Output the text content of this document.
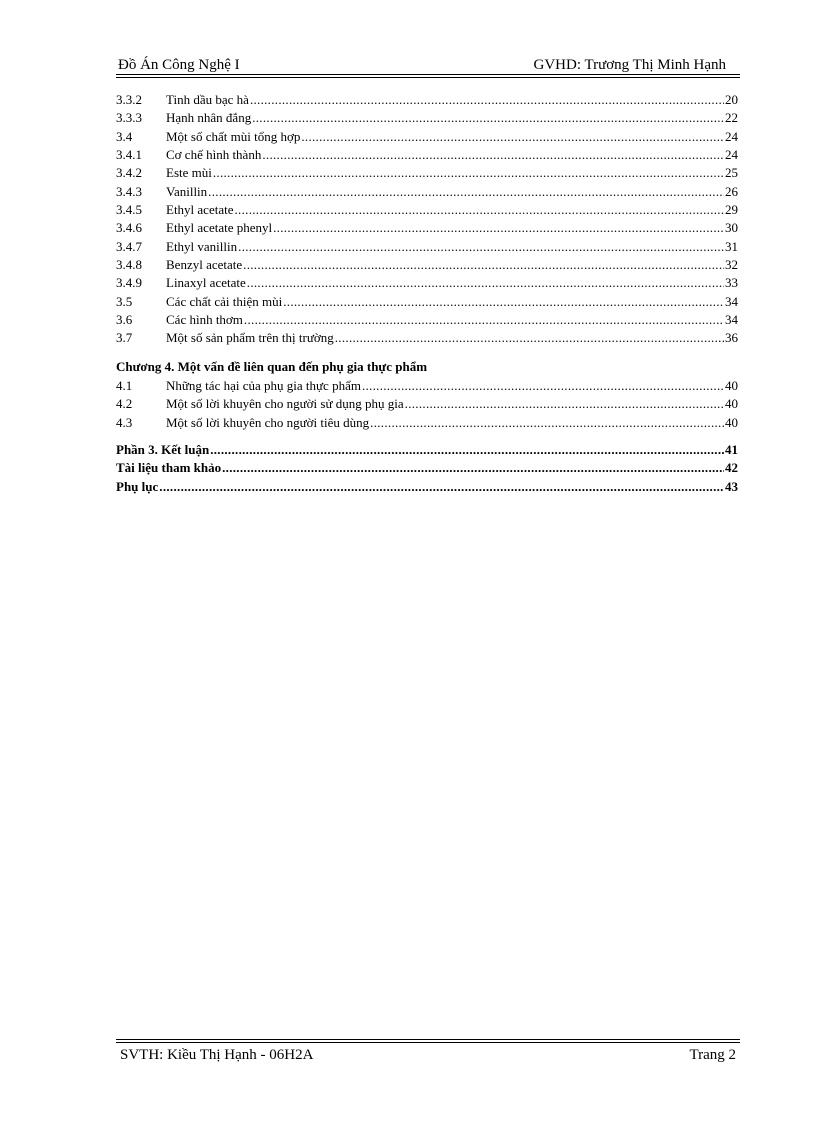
Đồ Án Công Nghệ I	GVHD: Trương Thị Minh Hạnh
3.3.2	Tinh dầu bạc hà .....	20
3.3.3	Hạnh nhân đắng .....	22
3.4	Một số chất mùi tổng hợp .....	24
3.4.1	Cơ chế hình thành .....	24
3.4.2	Este mùi .....	25
3.4.3	Vanillin .....	26
3.4.5	Ethyl acetate .....	29
3.4.6	Ethyl acetate phenyl .....	30
3.4.7	Ethyl vanillin .....	31
3.4.8	Benzyl acetate .....	32
3.4.9	Linaxyl acetate .....	33
3.5	Các chất cải thiện mùi .....	34
3.6	Các hình thơm .....	34
3.7	Một số sản phẩm trên thị trường .....	36
Chương 4. Một vấn đề liên quan đến phụ gia thực phẩm
4.1	Những tác hại của phụ gia thực phẩm .....	40
4.2	Một số lời khuyên cho người sử dụng phụ gia .....	40
4.3	Một số lời khuyên cho người tiêu dùng .....	40
Phần 3. Kết luận .....	41
Tài liệu tham khảo .....	42
Phụ lục .....	43
SVTH: Kiều Thị Hạnh - 06H2A	Trang 2
